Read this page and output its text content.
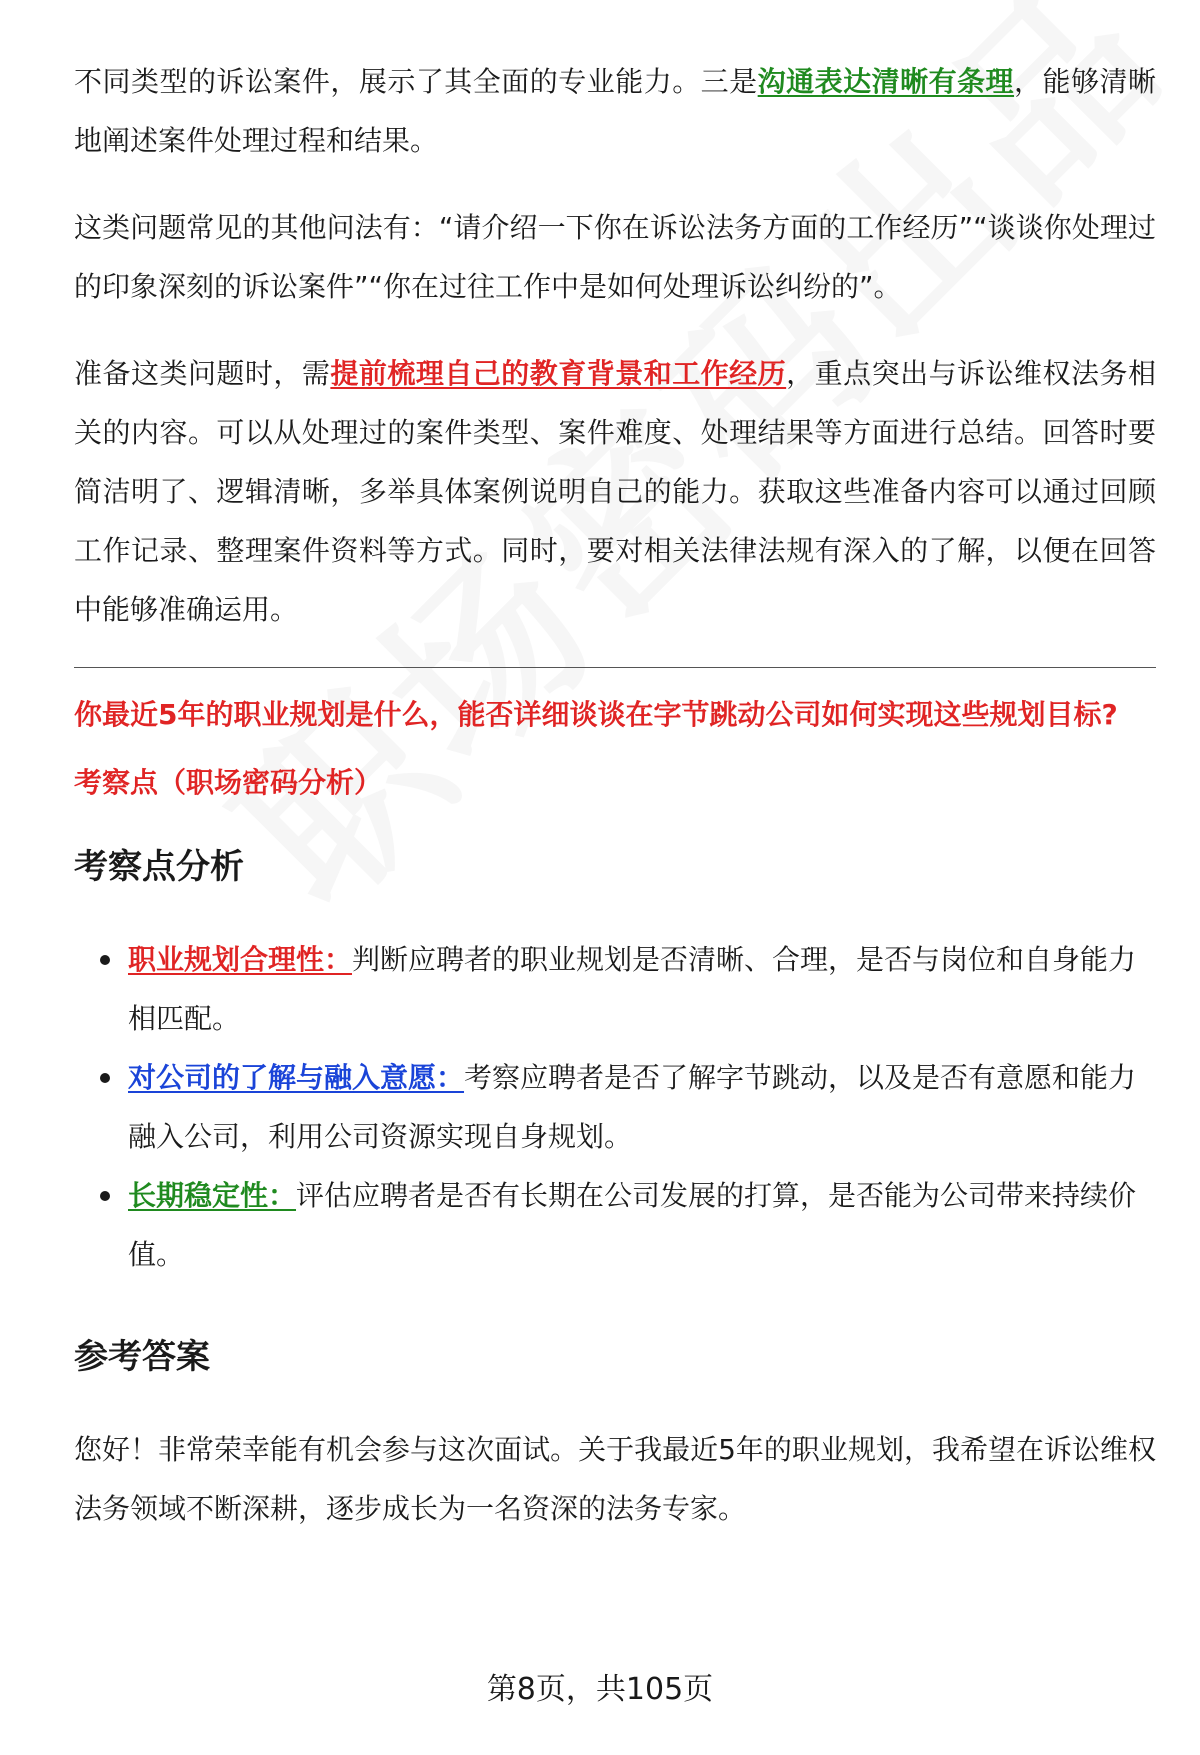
不同类型的诉讼案件，展示了其全面的专业能力。三是沟通表达清晰有条理，能够清晰地阐述案件处理过程和结果。

这类问题常见的其他问法有：“请介绍一下你在诉讼法务方面的工作经历”“谈谈你处理过的印象深刻的诉讼案件”“你在过往工作中是如何处理诉讼纠纷的”。

准备这类问题时，需提前梳理自己的教育背景和工作经历，重点突出与诉讼维权法务相关的内容。可以从处理过的案件类型、案件难度、处理结果等方面进行总结。回答时要简洁明了、逻辑清晰，多举具体案例说明自己的能力。获取这些准备内容可以通过回顾工作记录、整理案件资料等方式。同时，要对相关法律法规有深入的了解，以便在回答中能够准确运用。

你最近5年的职业规划是什么，能否详细谈谈在字节跳动公司如何实现这些规划目标?
考察点（职场密码分析）
考察点分析
职业规划合理性：判断应聘者的职业规划是否清晰、合理，是否与岗位和自身能力相匹配。
对公司的了解与融入意愿：考察应聘者是否了解字节跳动，以及是否有意愿和能力融入公司，利用公司资源实现自身规划。
长期稳定性：评估应聘者是否有长期在公司发展的打算，是否能为公司带来持续价值。
参考答案

您好！非常荣幸能有机会参与这次面试。关于我最近5年的职业规划，我希望在诉讼维权法务领域不断深耕，逐步成长为一名资深的法务专家。

第8页，共105页
